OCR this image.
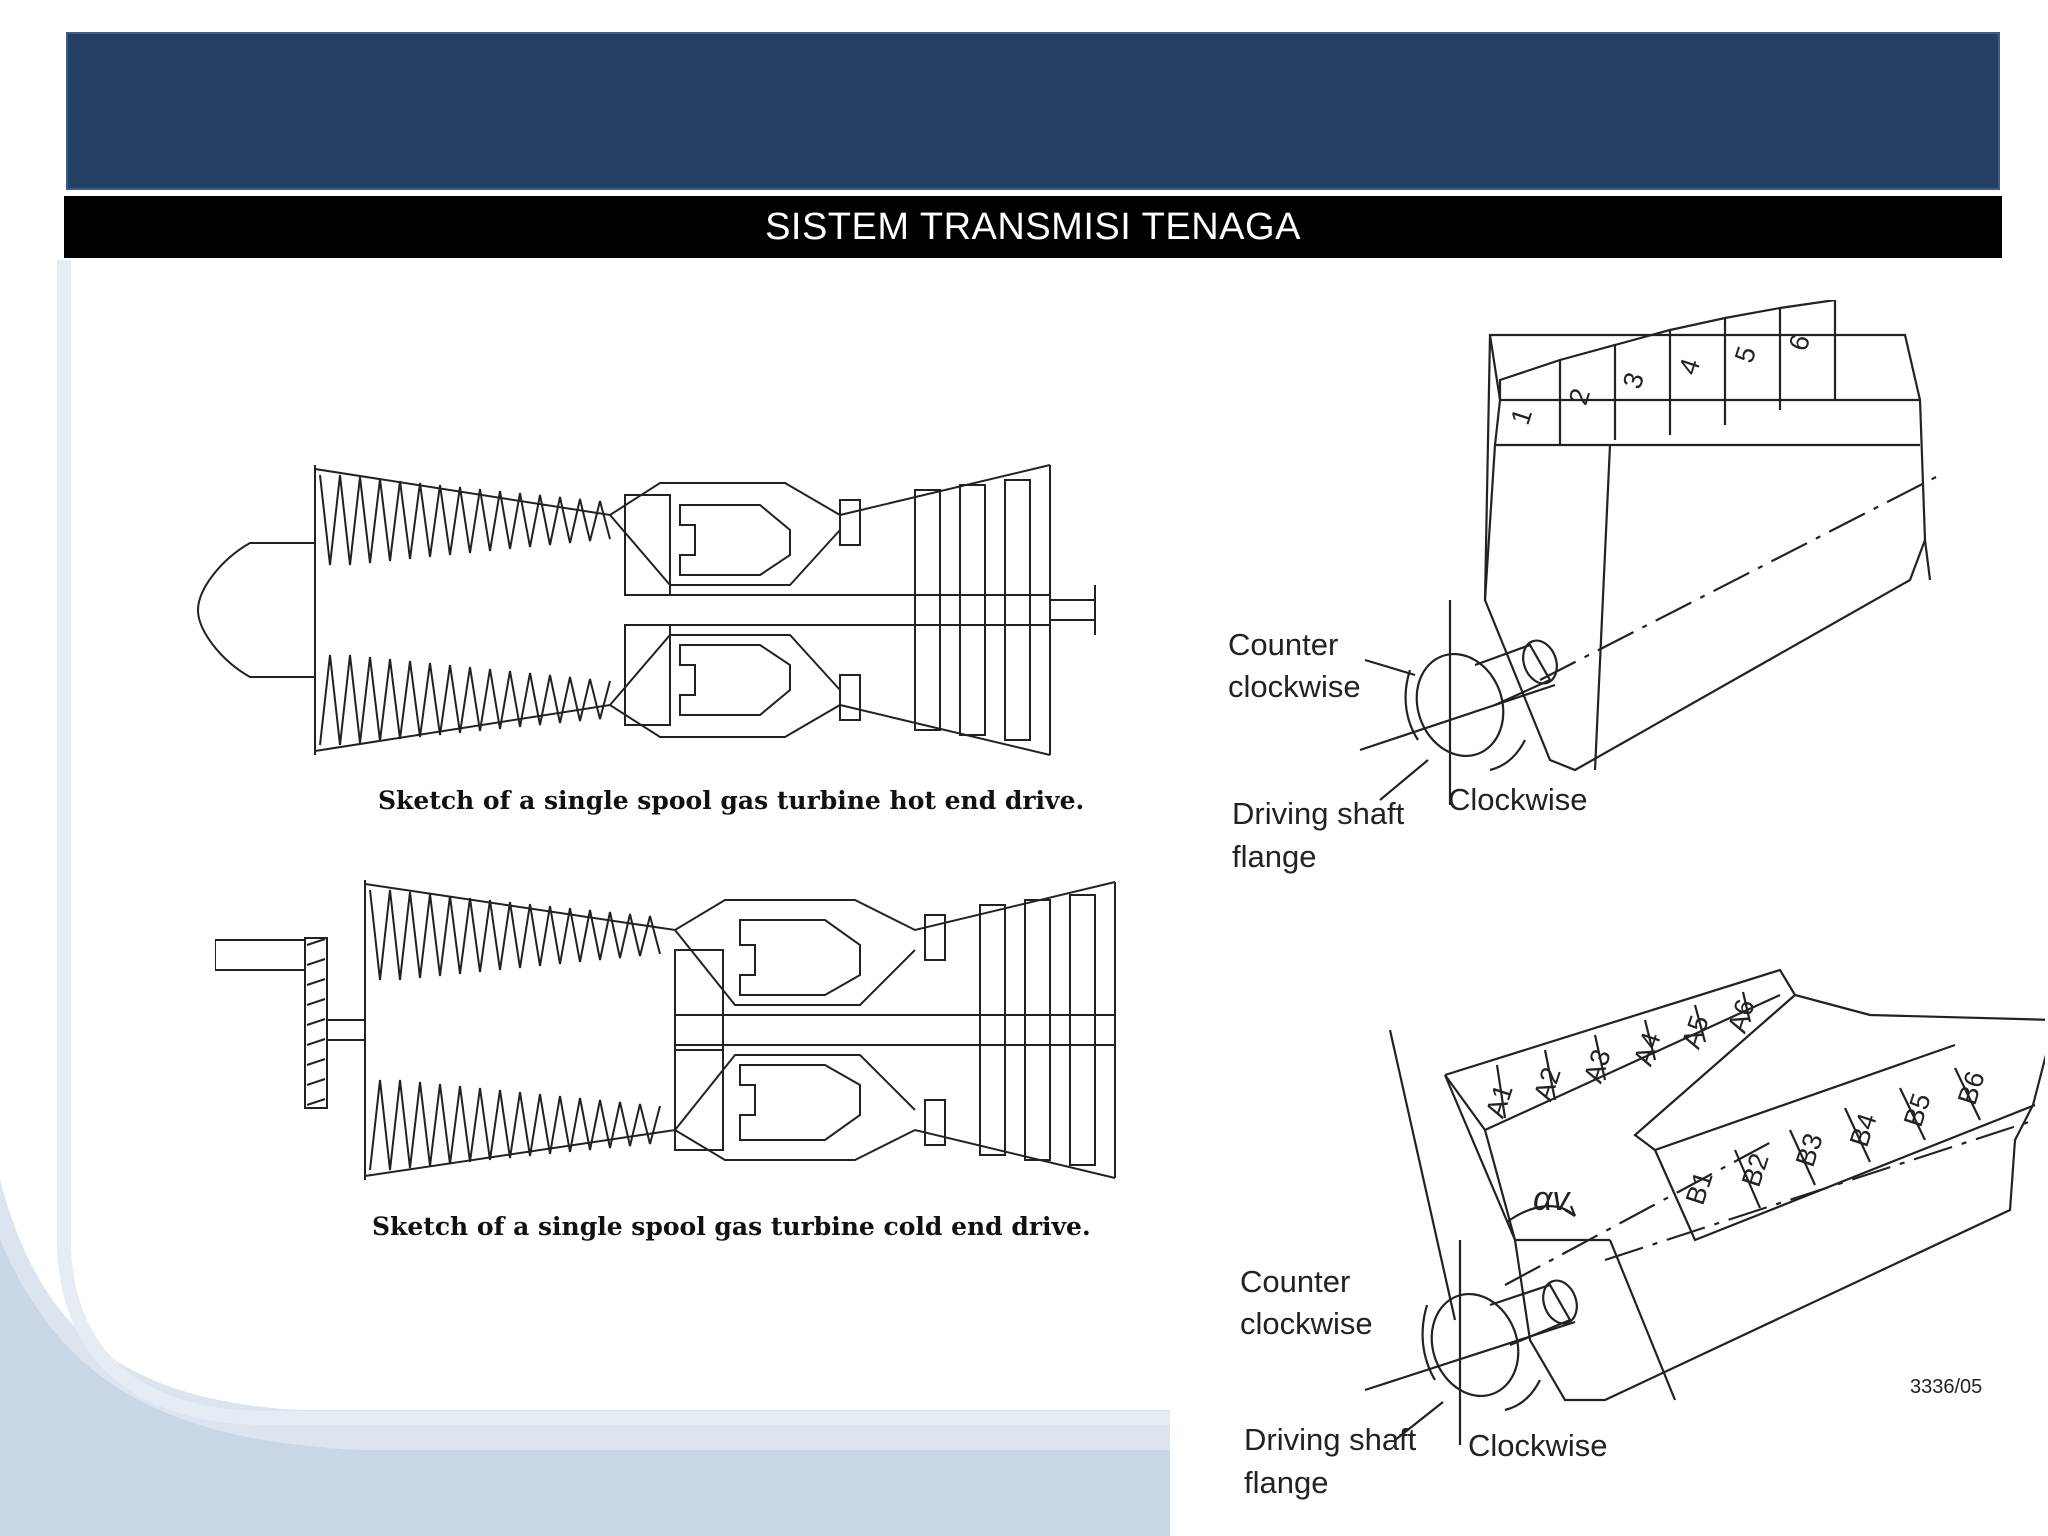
SISTEM TRANSMISI TENAGA
Sketch of a single spool gas turbine hot end drive.
Sketch of a single spool gas turbine cold end drive.
1
2
3
4
5
6
Counter clockwise
Clockwise
Driving shaft flange
A1 A2 A3 A4 A5 A6
B1 B2 B3 B4 B5
B6
αv
Counter clockwise
Clockwise
Driving shaft flange
3336/05
